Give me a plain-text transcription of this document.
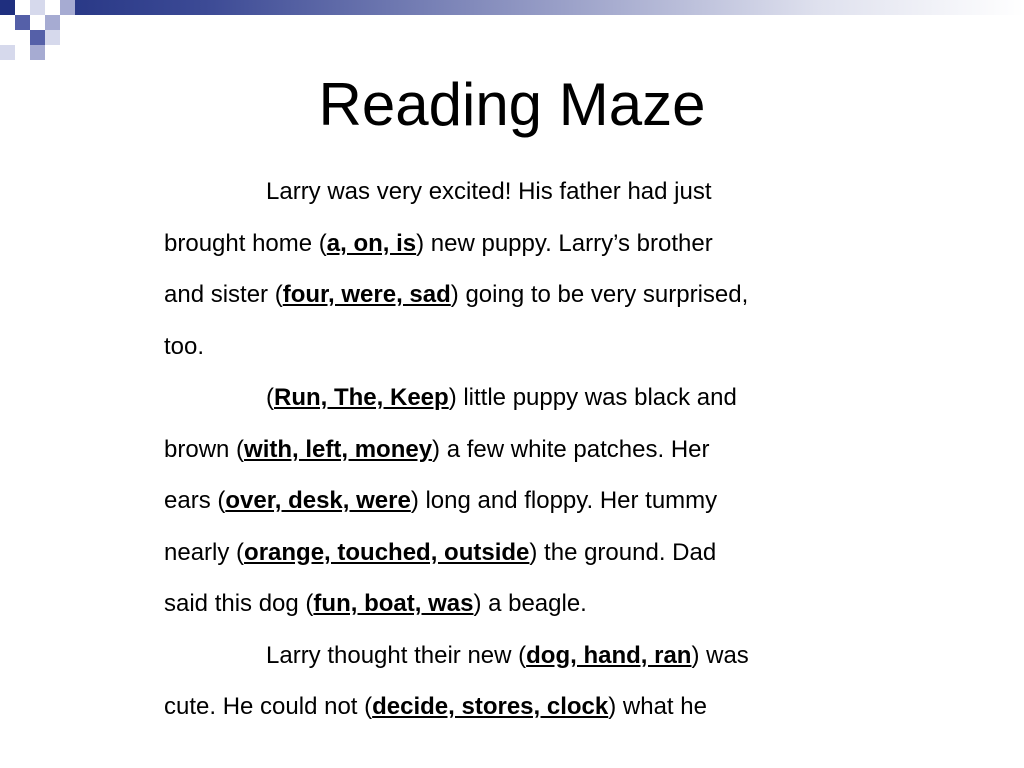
Reading Maze
Larry was very excited! His father had just
brought home (a, on, is) new puppy. Larry’s brother
and sister (four, were, sad) going to be very surprised,
too.
(Run, The, Keep) little puppy was black and
brown (with, left, money) a few white patches. Her
ears (over, desk, were) long and floppy. Her tummy
nearly (orange, touched, outside) the ground. Dad
said this dog (fun, boat, was) a beagle.
Larry thought their new (dog, hand, ran) was
cute. He could not (decide, stores, clock) what he
